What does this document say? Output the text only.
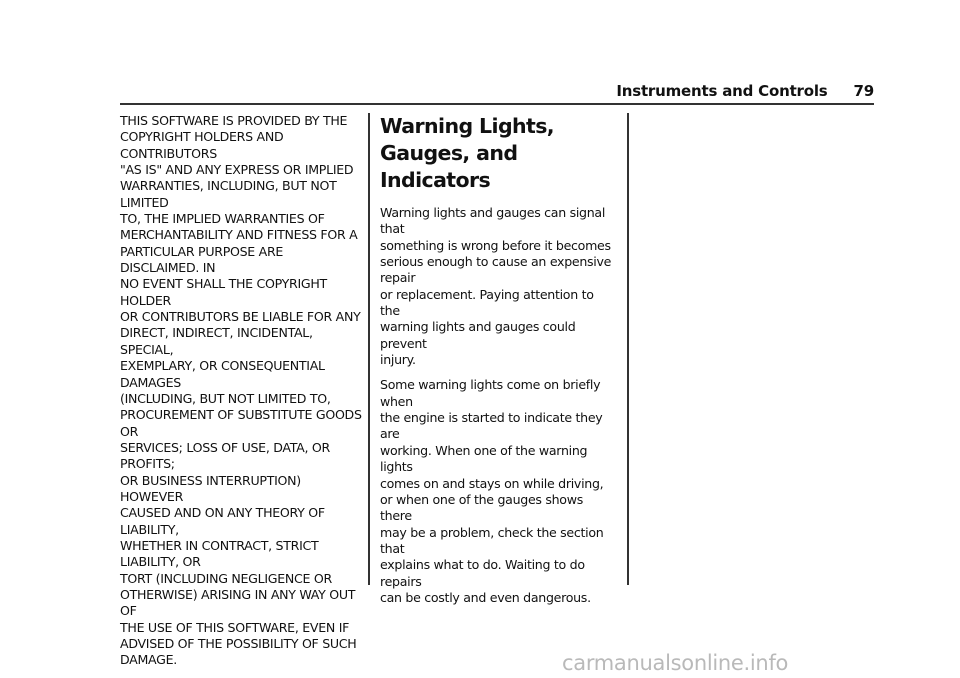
Instruments and Controls 79

THIS SOFTWARE IS PROVIDED BY THE
COPYRIGHT HOLDERS AND CONTRIBUTORS
"AS IS" AND ANY EXPRESS OR IMPLIED
WARRANTIES, INCLUDING, BUT NOT LIMITED
TO, THE IMPLIED WARRANTIES OF
MERCHANTABILITY AND FITNESS FOR A
PARTICULAR PURPOSE ARE DISCLAIMED. IN
NO EVENT SHALL THE COPYRIGHT HOLDER
OR CONTRIBUTORS BE LIABLE FOR ANY
DIRECT, INDIRECT, INCIDENTAL, SPECIAL,
EXEMPLARY, OR CONSEQUENTIAL DAMAGES
(INCLUDING, BUT NOT LIMITED TO,
PROCUREMENT OF SUBSTITUTE GOODS OR
SERVICES; LOSS OF USE, DATA, OR PROFITS;
OR BUSINESS INTERRUPTION) HOWEVER
CAUSED AND ON ANY THEORY OF LIABILITY,
WHETHER IN CONTRACT, STRICT LIABILITY, OR
TORT (INCLUDING NEGLIGENCE OR
OTHERWISE) ARISING IN ANY WAY OUT OF
THE USE OF THIS SOFTWARE, EVEN IF
ADVISED OF THE POSSIBILITY OF SUCH
DAMAGE.

Warning Lights, Gauges, and
Indicators

Warning lights and gauges can signal that
something is wrong before it becomes
serious enough to cause an expensive repair
or replacement. Paying attention to the
warning lights and gauges could prevent
injury.

Some warning lights come on briefly when
the engine is started to indicate they are
working. When one of the warning lights
comes on and stays on while driving,
or when one of the gauges shows there
may be a problem, check the section that
explains what to do. Waiting to do repairs
can be costly and even dangerous.

carmanualsonline.info
